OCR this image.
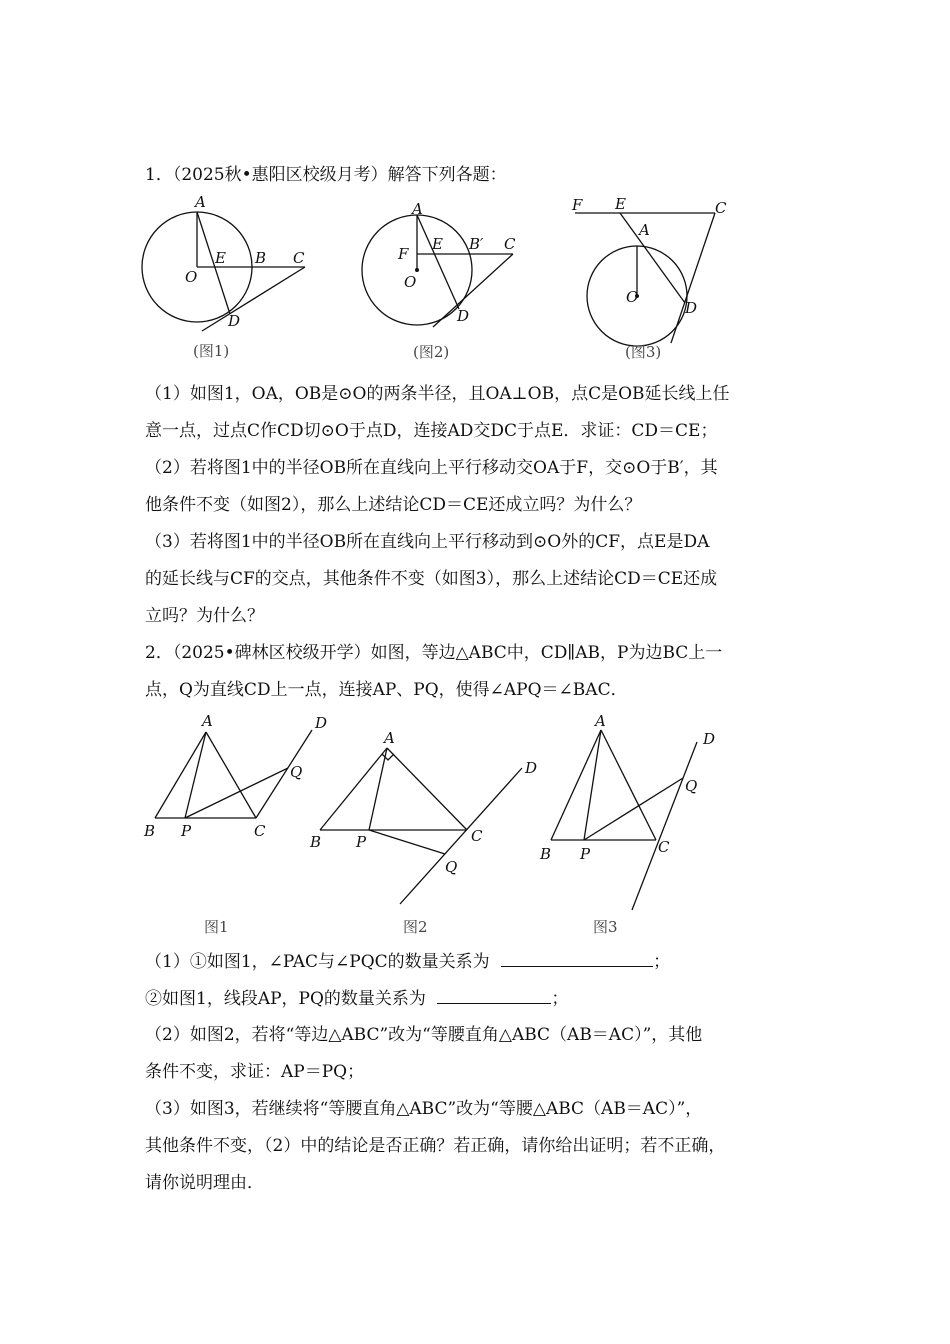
1．（2025秋•惠阳区校级月考）解答下列各题：
A
E B C
O
D
(图1)
A
E B′ C
F
O
D
(图2)
F E	C
A
O
D
(图3)
（1）如图1，OA，OB是⊙O的两条半径，且OA⊥OB，点C是OB延长线上任
意一点，过点C作CD切⊙O于点D，连接AD交DC于点E．求证：CD＝CE；
（2）若将图1中的半径OB所在直线向上平行移动交OA于F，交⊙O于B′，其
他条件不变（如图2），那么上述结论CD＝CE还成立吗？为什么？
（3）若将图1中的半径OB所在直线向上平行移动到⊙O外的CF，点E是DA
的延长线与CF的交点，其他条件不变（如图3），那么上述结论CD＝CE还成
立吗？为什么？
2．（2025•碑林区校级开学）如图，等边△ABC中，CD∥AB，P为边BC上一
点，Q为直线CD上一点，连接AP、PQ，使得∠APQ＝∠BAC．
A	D
Q
B P	C
图1
A
D
B P	C
Q
图2
A
D
Q
B P	C
图3
（1）①如图1，∠PAC与∠PQC的数量关系为	；
②如图1，线段AP，PQ的数量关系为	；
（2）如图2，若将“等边△ABC”改为“等腰直角△ABC（AB＝AC）”，其他
条件不变，求证：AP＝PQ；
（3）如图3，若继续将“等腰直角△ABC”改为“等腰△ABC（AB＝AC）”，
其他条件不变，（2）中的结论是否正确？若正确，请你给出证明；若不正确，
请你说明理由．
